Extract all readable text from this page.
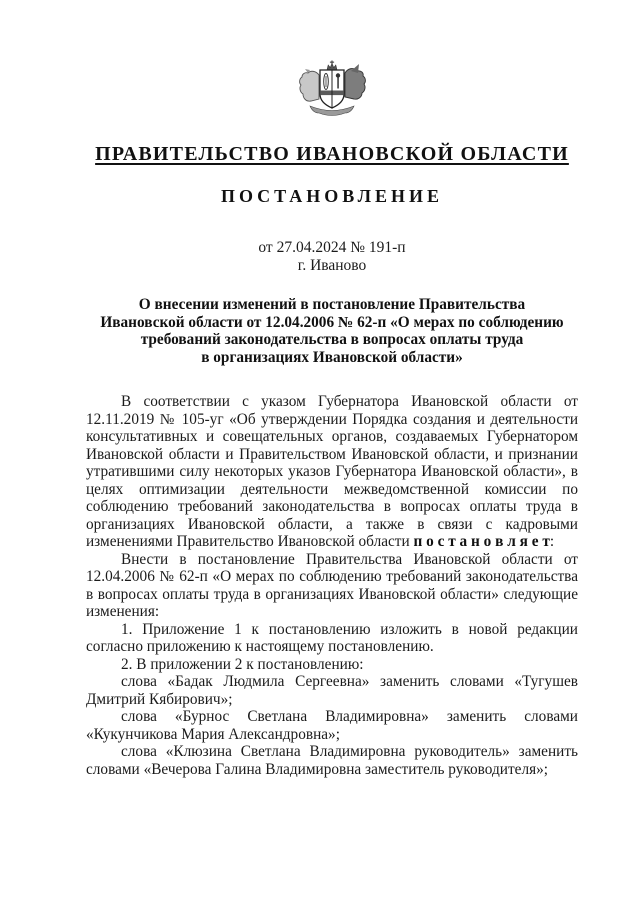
ПРАВИТЕЛЬСТВО ИВАНОВСКОЙ ОБЛАСТИ
ПОСТАНОВЛЕНИЕ
от 27.04.2024 № 191-п
г. Иваново
О внесении изменений в постановление Правительства
Ивановской области от 12.04.2006 № 62-п «О мерах по соблюдению
требований законодательства в вопросах оплаты труда
в организациях Ивановской области»

В соответствии с указом Губернатора Ивановской области от 12.11.2019 № 105-уг «Об утверждении Порядка создания и деятельности консультативных и совещательных органов, создаваемых Губернатором Ивановской области и Правительством Ивановской области, и признании утратившими силу некоторых указов Губернатора Ивановской области», в целях оптимизации деятельности межведомственной комиссии по соблюдению требований законодательства в вопросах оплаты труда в организациях Ивановской области, а также в связи с кадровыми изменениями Правительство Ивановской области п о с т а н о в л я е т:

Внести в постановление Правительства Ивановской области от 12.04.2006 № 62-п «О мерах по соблюдению требований законодательства в вопросах оплаты труда в организациях Ивановской области» следующие изменения:

1. Приложение 1 к постановлению изложить в новой редакции согласно приложению к настоящему постановлению.

2. В приложении 2 к постановлению:

слова «Бадак Людмила Сергеевна» заменить словами «Тугушев Дмитрий Кябирович»;

слова «Бурнос Светлана Владимировна» заменить словами «Кукунчикова Мария Александровна»;

слова «Клюзина Светлана Владимировна руководитель» заменить словами «Вечерова Галина Владимировна заместитель руководителя»;
